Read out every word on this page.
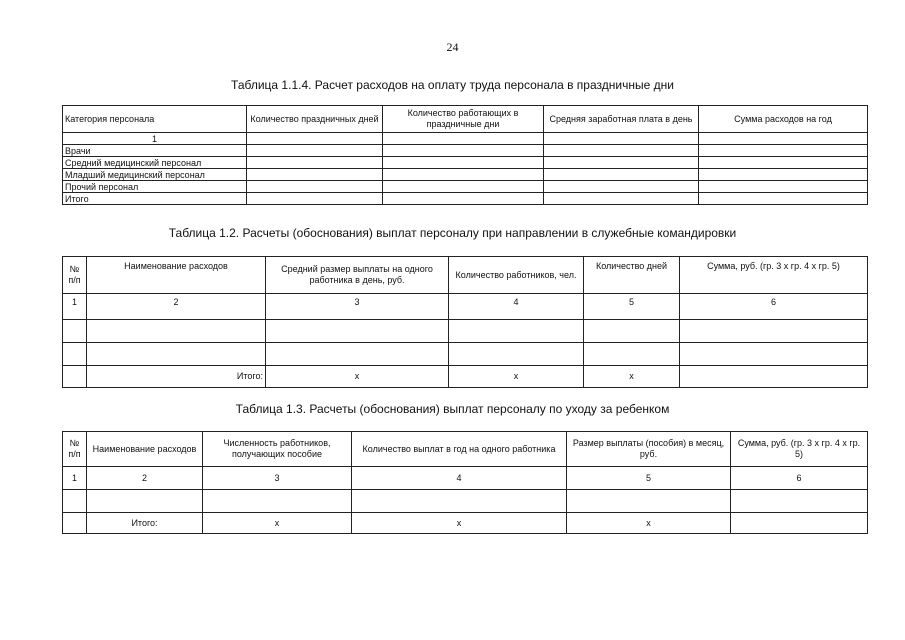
24
Таблица 1.1.4. Расчет расходов на оплату труда персонала в праздничные дни
Категория персонала	Количество праздничных дней	Количество работающих в праздничные дни	Средняя заработная плата в день	Сумма расходов на год
1				
Врачи				
Средний медицинский персонал				
Младший медицинский персонал				
Прочий персонал				
Итого				
Таблица 1.2. Расчеты (обоснования) выплат персоналу при направлении в служебные командировки
№ п/п	Наименование расходов	Средний размер выплаты на одного работника в день, руб.	Количество работников, чел.	Количество дней	Сумма, руб. (гр. 3 х гр. 4 х гр. 5)
1	2	3	4	5	6

	Итого:	х	х	х	
Таблица 1.3. Расчеты (обоснования) выплат персоналу по уходу за ребенком
№ п/п	Наименование расходов	Численность работников, получающих пособие	Количество выплат в год на одного работника	Размер выплаты (пособия) в месяц, руб.	Сумма, руб. (гр. 3 х гр. 4 х гр. 5)
1	2	3	4	5	6

	Итого:	х	х	х	
